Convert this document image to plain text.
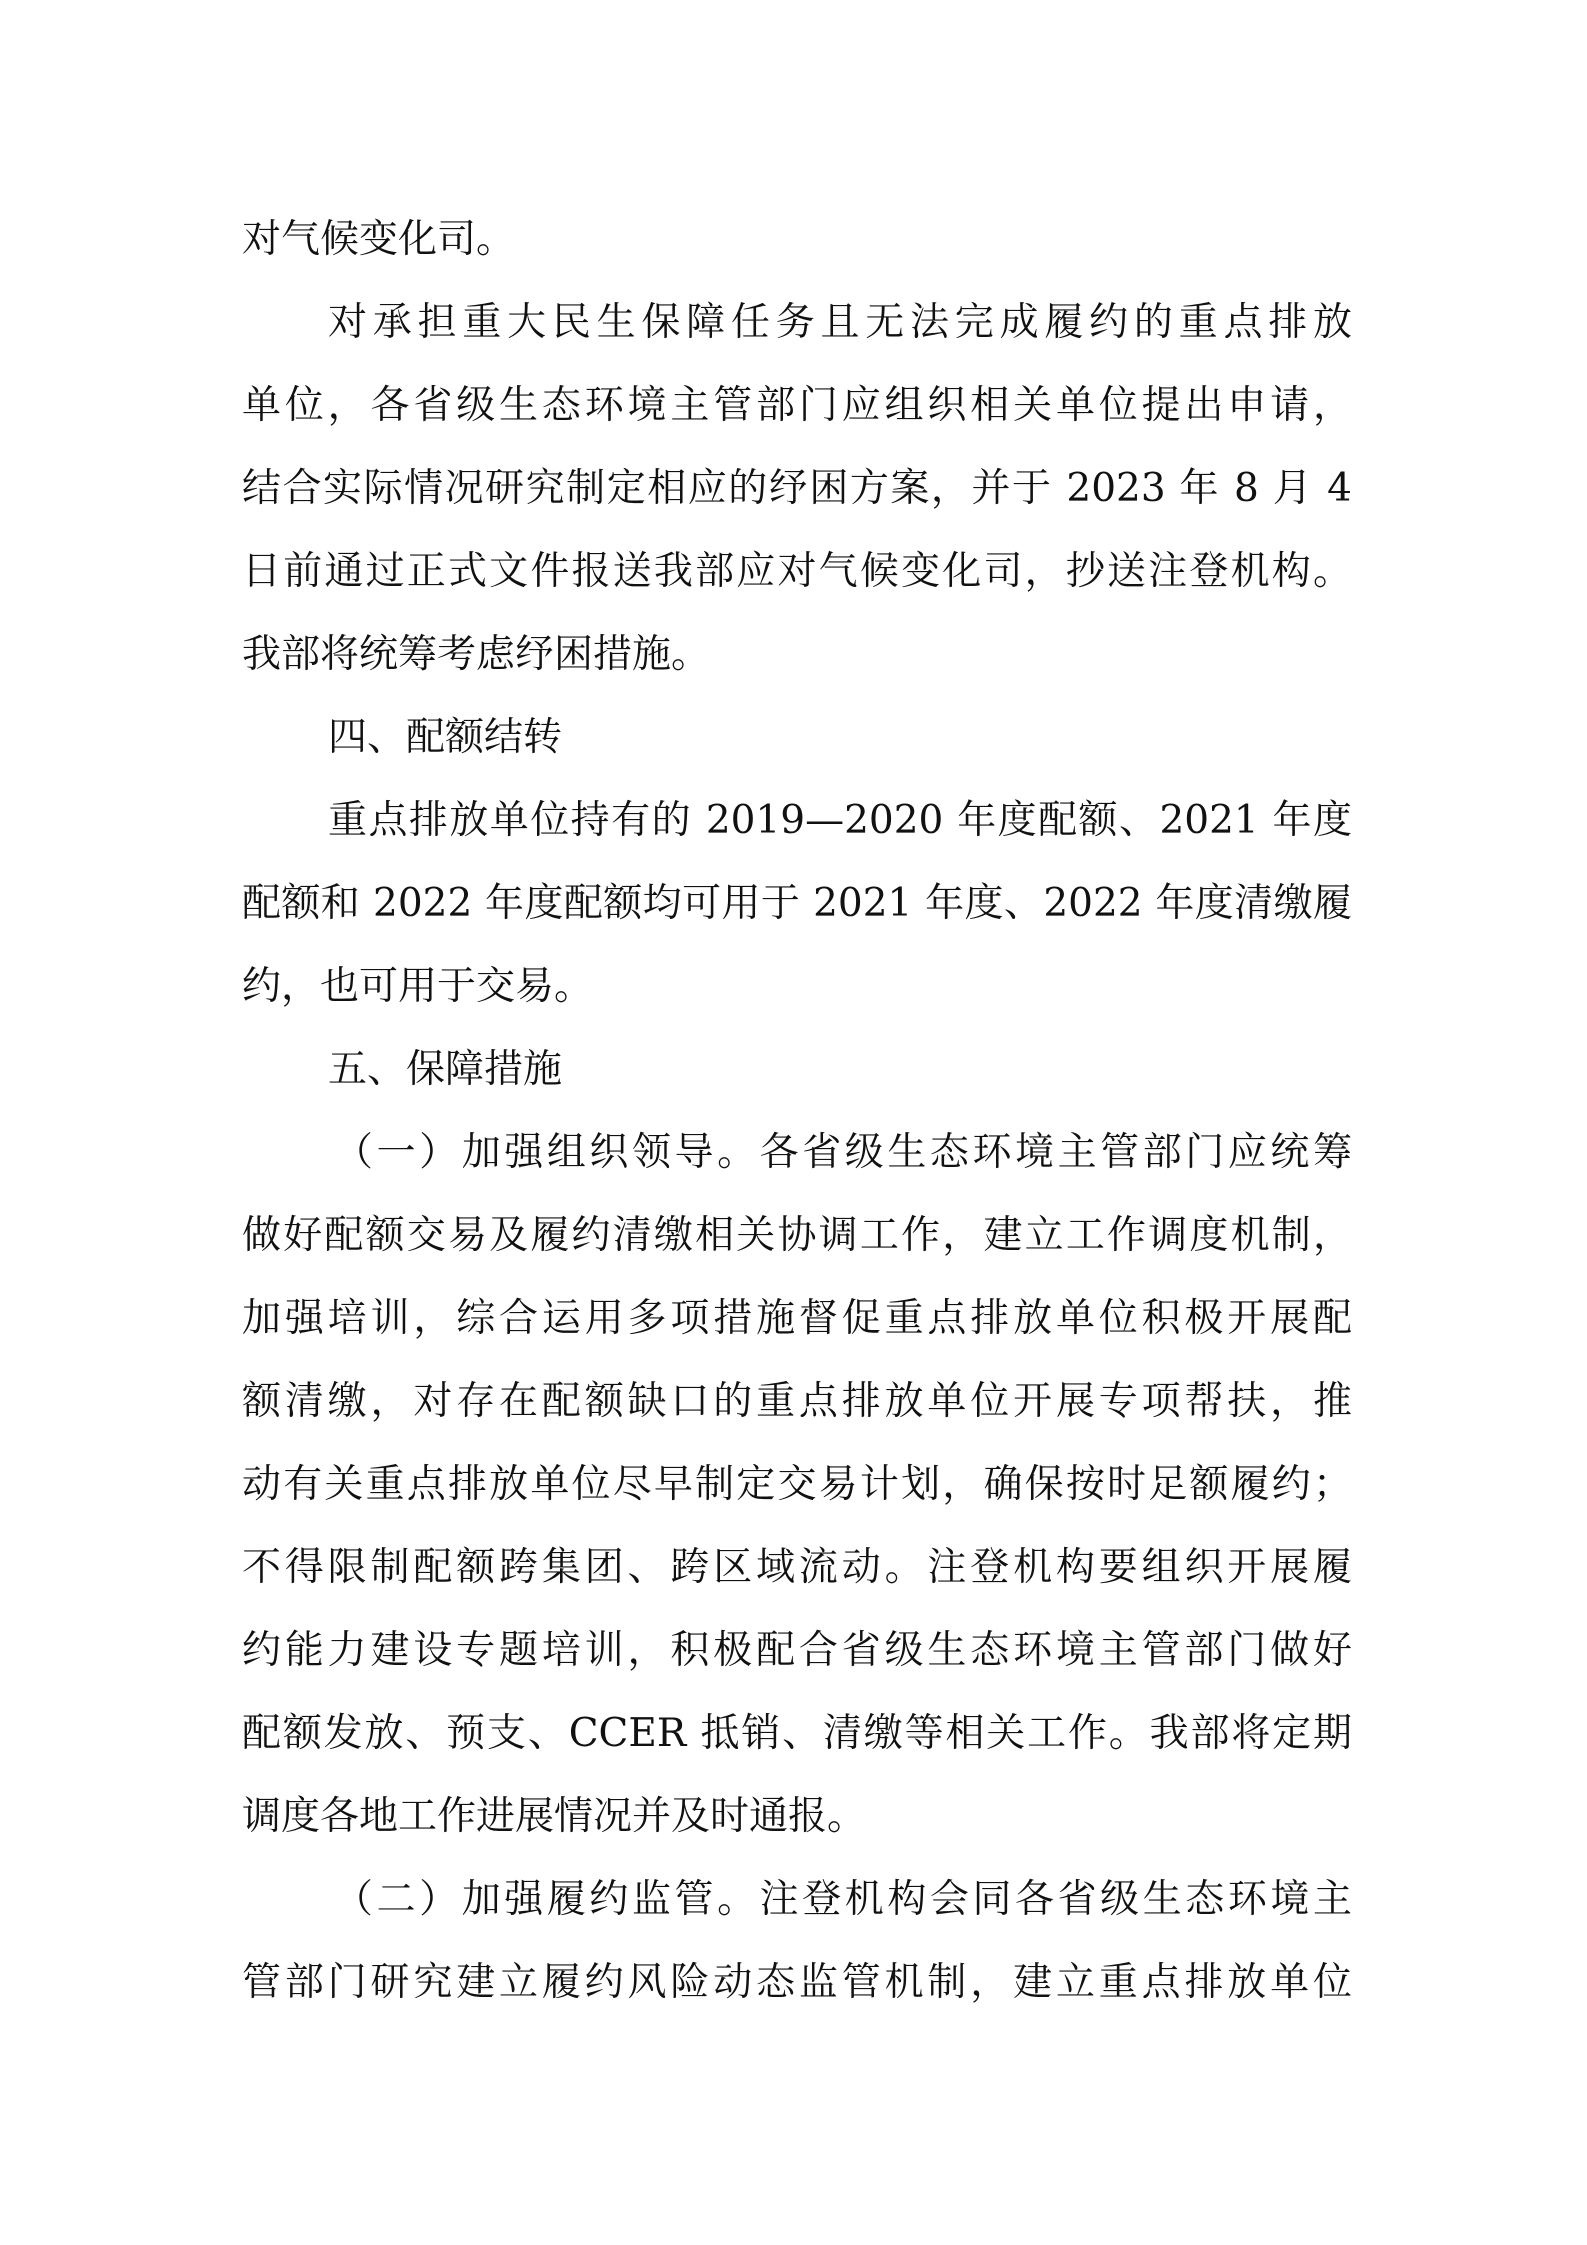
对气候变化司。
对承担重大民生保障任务且无法完成履约的重点排放
单位，各省级生态环境主管部门应组织相关单位提出申请，
结合实际情况研究制定相应的纾困方案，并于 2023 年 8 月 4
日前通过正式文件报送我部应对气候变化司，抄送注登机构。
我部将统筹考虑纾困措施。
四、配额结转
重点排放单位持有的 2019—2020 年度配额、2021 年度
配额和 2022 年度配额均可用于 2021 年度、2022 年度清缴履
约，也可用于交易。
五、保障措施
（一）加强组织领导。各省级生态环境主管部门应统筹
做好配额交易及履约清缴相关协调工作，建立工作调度机制，
加强培训，综合运用多项措施督促重点排放单位积极开展配
额清缴，对存在配额缺口的重点排放单位开展专项帮扶，推
动有关重点排放单位尽早制定交易计划，确保按时足额履约；
不得限制配额跨集团、跨区域流动。注登机构要组织开展履
约能力建设专题培训，积极配合省级生态环境主管部门做好
配额发放、预支、CCER 抵销、清缴等相关工作。我部将定期
调度各地工作进展情况并及时通报。
（二）加强履约监管。注登机构会同各省级生态环境主
管部门研究建立履约风险动态监管机制，建立重点排放单位
